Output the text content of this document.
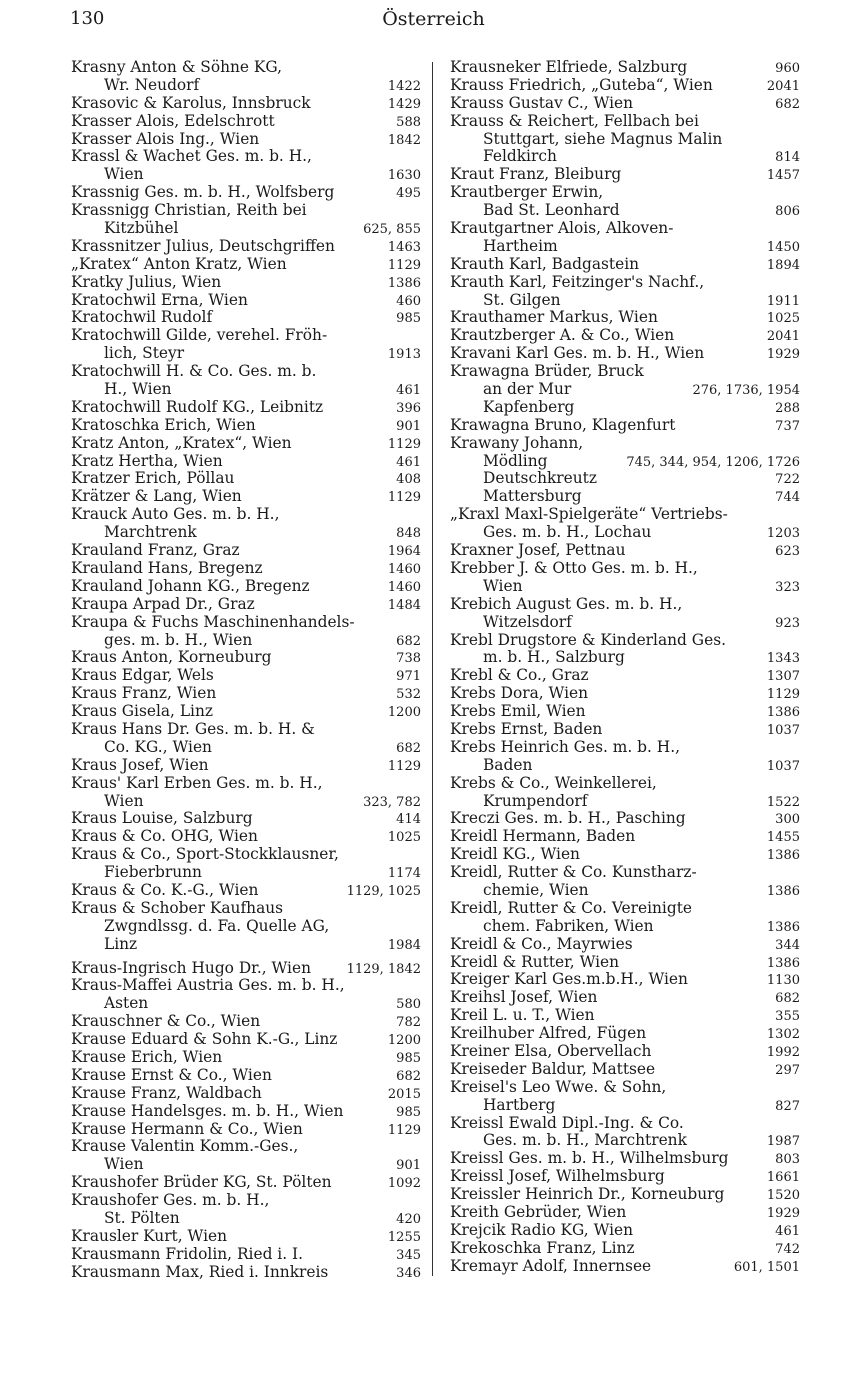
130	Österreich
Krasny Anton & Söhne KG,
Wr. Neudorf	1422
Krasovic & Karolus, Innsbruck	1429
Krasser Alois, Edelschrott	588
Krasser Alois Ing., Wien	1842
Krassl & Wachet Ges. m. b. H.,
Wien	1630
Krassnig Ges. m. b. H., Wolfsberg	495
Krassnigg Christian, Reith bei
Kitzbühel	625, 855
Krassnitzer Julius, Deutschgriffen	1463
„Kratex“ Anton Kratz, Wien	1129
Kratky Julius, Wien	1386
Kratochwil Erna, Wien	460
Kratochwil Rudolf	985
Kratochwill Gilde, verehel. Fröh-
lich, Steyr	1913
Kratochwill H. & Co. Ges. m. b.
H., Wien	461
Kratochwill Rudolf KG., Leibnitz	396
Kratoschka Erich, Wien	901
Kratz Anton, „Kratex“, Wien	1129
Kratz Hertha, Wien	461
Kratzer Erich, Pöllau	408
Krätzer & Lang, Wien	1129
Krauck Auto Ges. m. b. H.,
Marchtrenk	848
Krauland Franz, Graz	1964
Krauland Hans, Bregenz	1460
Krauland Johann KG., Bregenz	1460
Kraupa Arpad Dr., Graz	1484
Kraupa & Fuchs Maschinenhandels-
ges. m. b. H., Wien	682
Kraus Anton, Korneuburg	738
Kraus Edgar, Wels	971
Kraus Franz, Wien	532
Kraus Gisela, Linz	1200
Kraus Hans Dr. Ges. m. b. H. &
Co. KG., Wien	682
Kraus Josef, Wien	1129
Kraus' Karl Erben Ges. m. b. H.,
Wien	323, 782
Kraus Louise, Salzburg	414
Kraus & Co. OHG, Wien	1025
Kraus & Co., Sport-Stockklausner,
Fieberbrunn	1174
Kraus & Co. K.-G., Wien	1129, 1025
Kraus & Schober Kaufhaus
Zwgndlssg. d. Fa. Quelle AG,
Linz	1984
Kraus-Ingrisch Hugo Dr., Wien	1129, 1842
Kraus-Maffei Austria Ges. m. b. H.,
Asten	580
Krauschner & Co., Wien	782
Krause Eduard & Sohn K.-G., Linz	1200
Krause Erich, Wien	985
Krause Ernst & Co., Wien	682
Krause Franz, Waldbach	2015
Krause Handelsges. m. b. H., Wien	985
Krause Hermann & Co., Wien	1129
Krause Valentin Komm.-Ges.,
Wien	901
Kraushofer Brüder KG, St. Pölten	1092
Kraushofer Ges. m. b. H.,
St. Pölten	420
Krausler Kurt, Wien	1255
Krausmann Fridolin, Ried i. I.	345
Krausmann Max, Ried i. Innkreis	346
Krausneker Elfriede, Salzburg	960
Krauss Friedrich, „Guteba“, Wien	2041
Krauss Gustav C., Wien	682
Krauss & Reichert, Fellbach bei
Stuttgart, siehe Magnus Malin
Feldkirch	814
Kraut Franz, Bleiburg	1457
Krautberger Erwin,
Bad St. Leonhard	806
Krautgartner Alois, Alkoven-
Hartheim	1450
Krauth Karl, Badgastein	1894
Krauth Karl, Feitzinger's Nachf.,
St. Gilgen	1911
Krauthamer Markus, Wien	1025
Krautzberger A. & Co., Wien	2041
Kravani Karl Ges. m. b. H., Wien	1929
Krawagna Brüder, Bruck
an der Mur	276, 1736, 1954
Kapfenberg	288
Krawagna Bruno, Klagenfurt	737
Krawany Johann,
Mödling	745, 344, 954, 1206, 1726
Deutschkreutz	722
Mattersburg	744
„Kraxl Maxl-Spielgeräte“ Vertriebs-
Ges. m. b. H., Lochau	1203
Kraxner Josef, Pettnau	623
Krebber J. & Otto Ges. m. b. H.,
Wien	323
Krebich August Ges. m. b. H.,
Witzelsdorf	923
Krebl Drugstore & Kinderland Ges.
m. b. H., Salzburg	1343
Krebl & Co., Graz	1307
Krebs Dora, Wien	1129
Krebs Emil, Wien	1386
Krebs Ernst, Baden	1037
Krebs Heinrich Ges. m. b. H.,
Baden	1037
Krebs & Co., Weinkellerei,
Krumpendorf	1522
Kreczi Ges. m. b. H., Pasching	300
Kreidl Hermann, Baden	1455
Kreidl KG., Wien	1386
Kreidl, Rutter & Co. Kunstharz-
chemie, Wien	1386
Kreidl, Rutter & Co. Vereinigte
chem. Fabriken, Wien	1386
Kreidl & Co., Mayrwies	344
Kreidl & Rutter, Wien	1386
Kreiger Karl Ges.m.b.H., Wien	1130
Kreihsl Josef, Wien	682
Kreil L. u. T., Wien	355
Kreilhuber Alfred, Fügen	1302
Kreiner Elsa, Obervellach	1992
Kreiseder Baldur, Mattsee	297
Kreisel's Leo Wwe. & Sohn,
Hartberg	827
Kreissl Ewald Dipl.-Ing. & Co.
Ges. m. b. H., Marchtrenk	1987
Kreissl Ges. m. b. H., Wilhelmsburg	803
Kreissl Josef, Wilhelmsburg	1661
Kreissler Heinrich Dr., Korneuburg	1520
Kreith Gebrüder, Wien	1929
Krejcik Radio KG, Wien	461
Krekoschka Franz, Linz	742
Kremayr Adolf, Innernsee	601, 1501
